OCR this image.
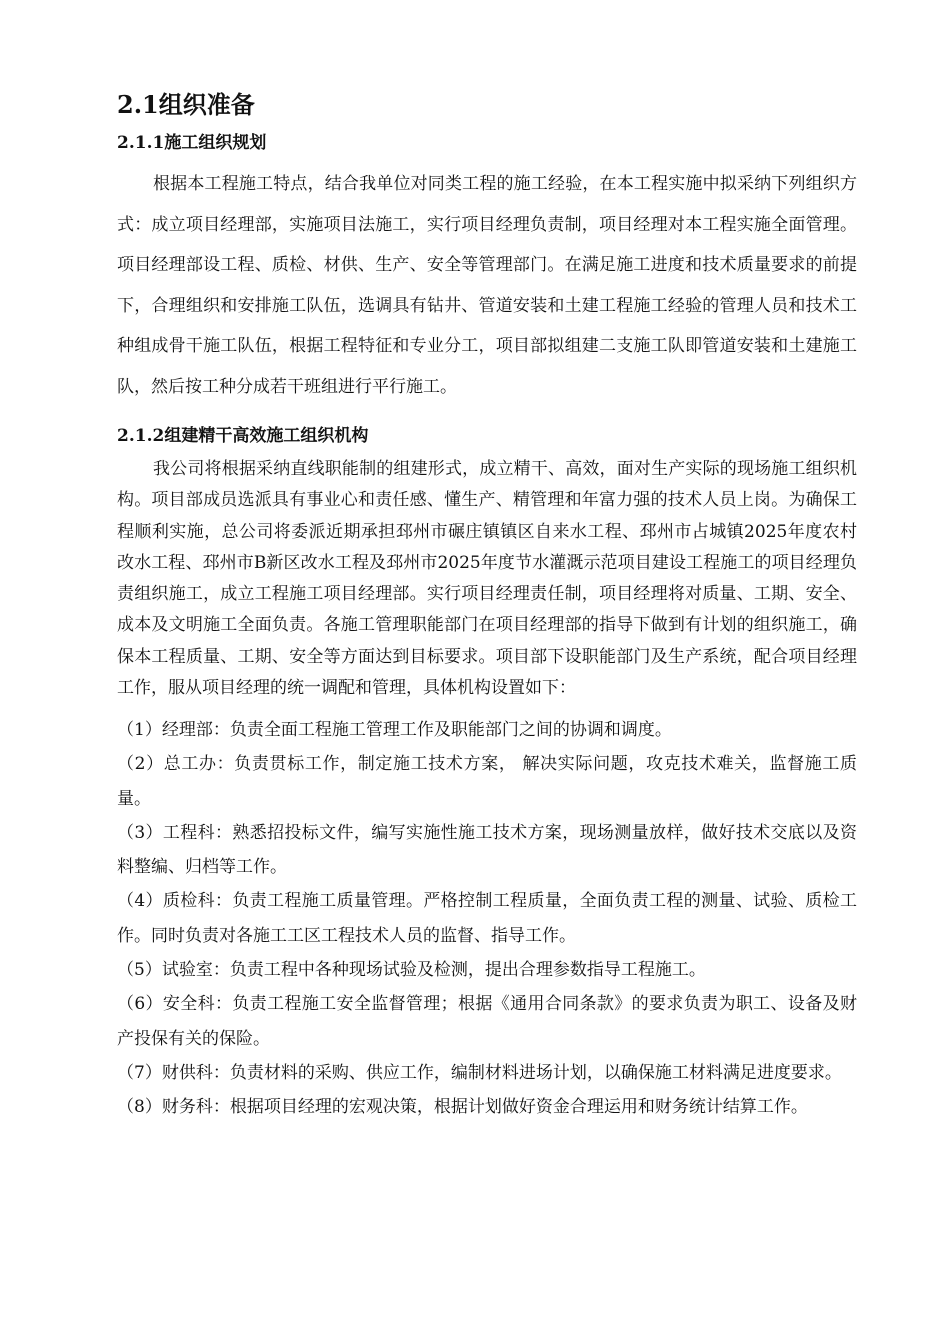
2.1组织准备
2.1.1施工组织规划

根据本工程施工特点，结合我单位对同类工程的施工经验，在本工程实施中拟采纳下列组织方式：成立项目经理部，实施项目法施工，实行项目经理负责制，项目经理对本工程实施全面管理。项目经理部设工程、质检、材供、生产、安全等管理部门。在满足施工进度和技术质量要求的前提下，合理组织和安排施工队伍，选调具有钻井、管道安装和土建工程施工经验的管理人员和技术工种组成骨干施工队伍，根据工程特征和专业分工，项目部拟组建二支施工队即管道安装和土建施工队，然后按工种分成若干班组进行平行施工。

2.1.2组建精干高效施工组织机构

我公司将根据采纳直线职能制的组建形式，成立精干、高效，面对生产实际的现场施工组织机构。项目部成员选派具有事业心和责任感、懂生产、精管理和年富力强的技术人员上岗。为确保工程顺利实施，总公司将委派近期承担邳州市碾庄镇镇区自来水工程、邳州市占城镇2025年度农村改水工程、邳州市B新区改水工程及邳州市2025年度节水灌溉示范项目建设工程施工的项目经理负责组织施工，成立工程施工项目经理部。实行项目经理责任制，项目经理将对质量、工期、安全、成本及文明施工全面负责。各施工管理职能部门在项目经理部的指导下做到有计划的组织施工，确保本工程质量、工期、安全等方面达到目标要求。项目部下设职能部门及生产系统，配合项目经理工作，服从项目经理的统一调配和管理，具体机构设置如下：

（1）经理部：负责全面工程施工管理工作及职能部门之间的协调和调度。

（2）总工办：负责贯标工作，制定施工技术方案， 解决实际问题，攻克技术难关，监督施工质量。

（3）工程科：熟悉招投标文件，编写实施性施工技术方案，现场测量放样，做好技术交底以及资料整编、归档等工作。

（4）质检科：负责工程施工质量管理。严格控制工程质量，全面负责工程的测量、试验、质检工作。同时负责对各施工工区工程技术人员的监督、指导工作。

（5）试验室：负责工程中各种现场试验及检测，提出合理参数指导工程施工。

（6）安全科：负责工程施工安全监督管理；根据《通用合同条款》的要求负责为职工、设备及财产投保有关的保险。

（7）财供科：负责材料的采购、供应工作，编制材料进场计划，以确保施工材料满足进度要求。

（8）财务科：根据项目经理的宏观决策，根据计划做好资金合理运用和财务统计结算工作。
